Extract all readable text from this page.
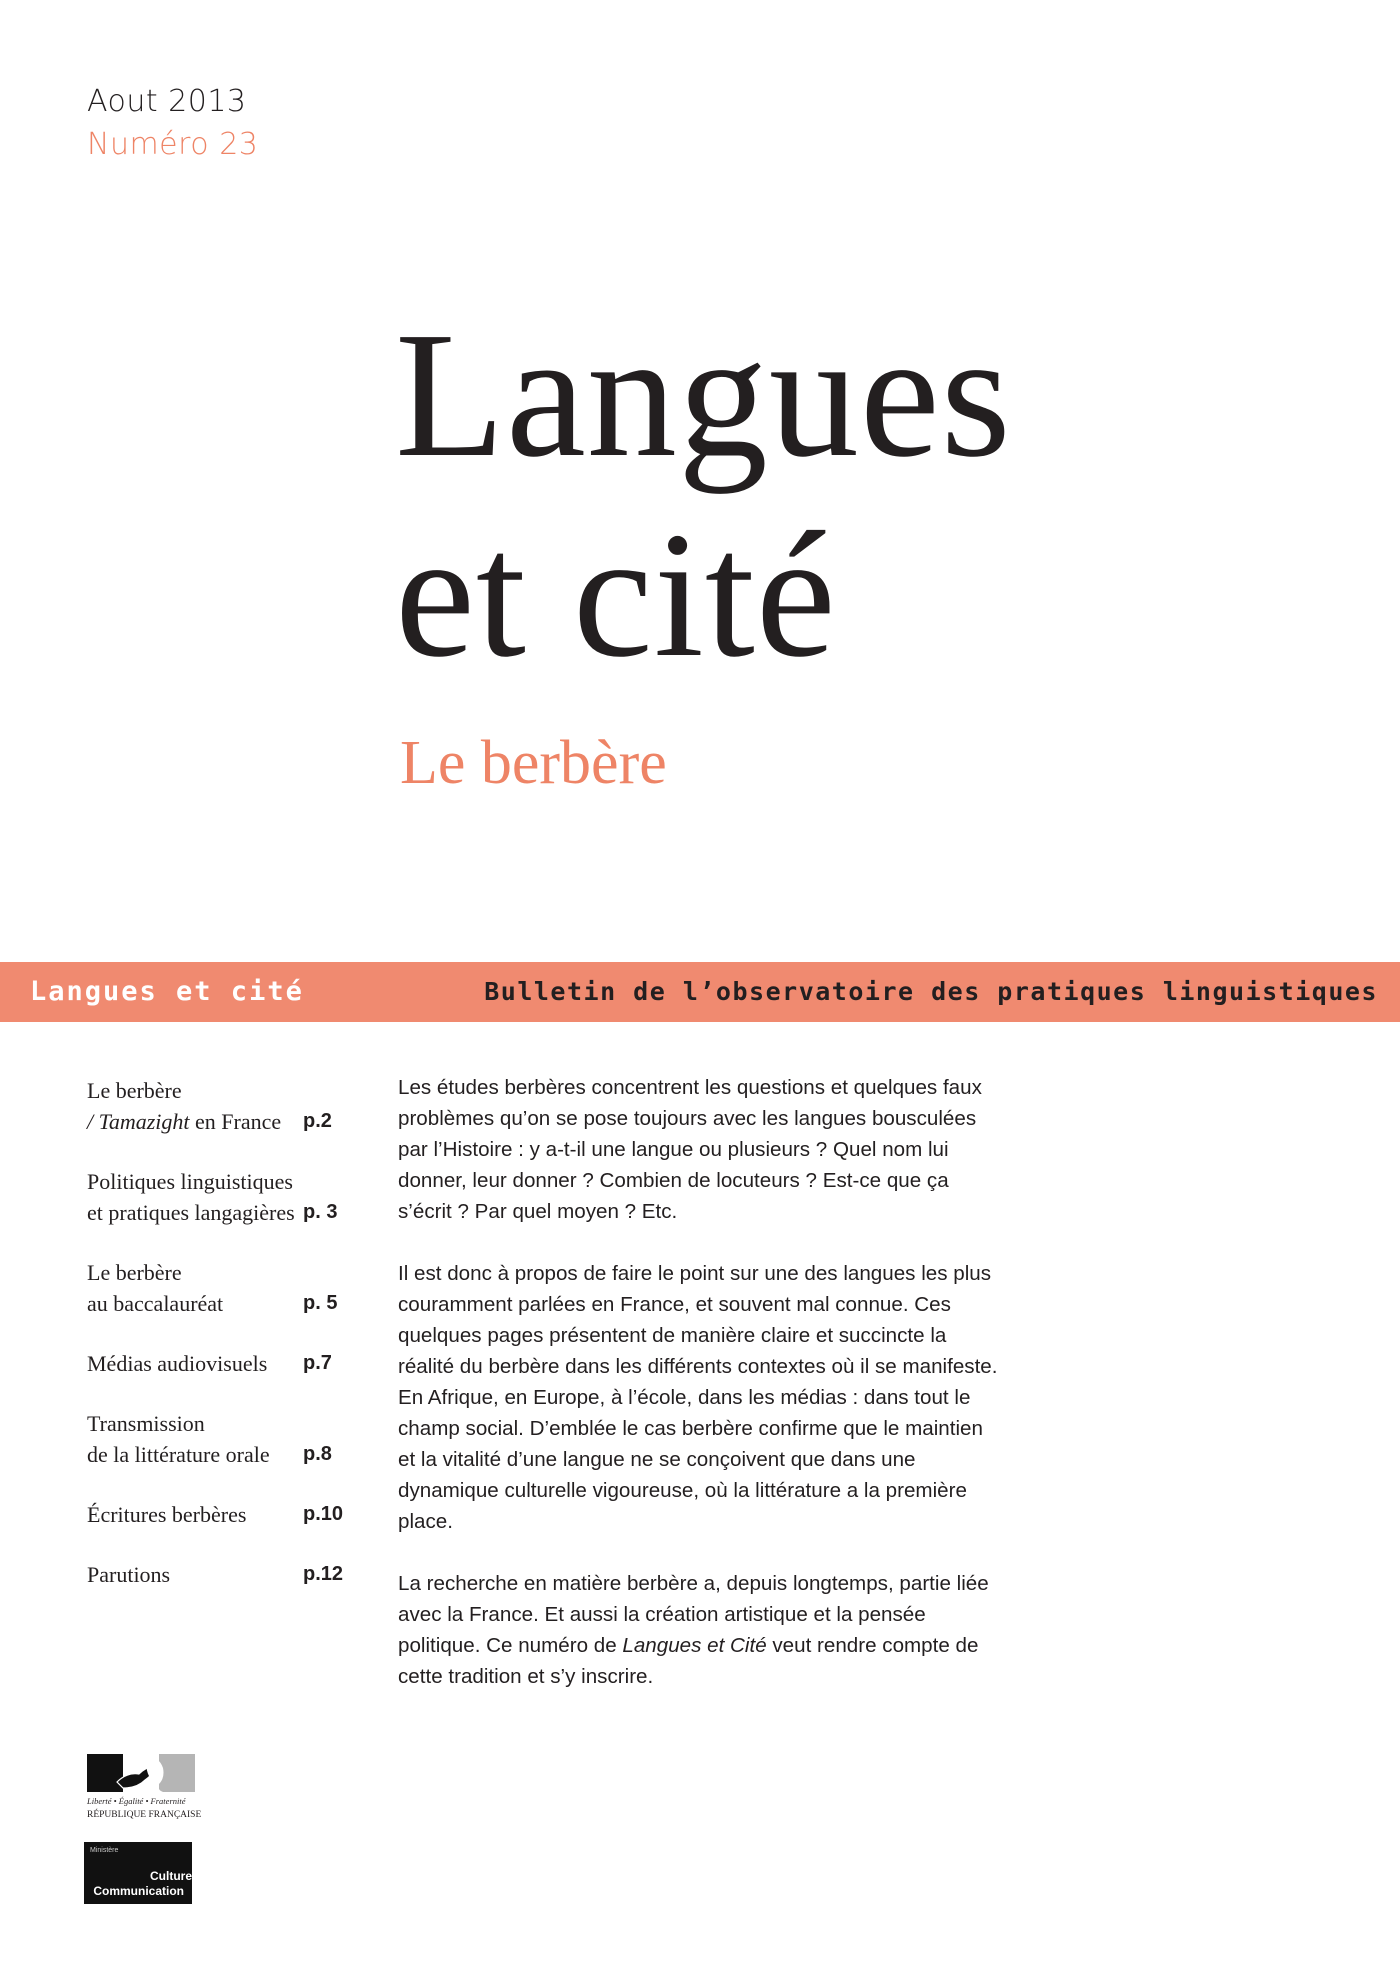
Aout 2013
Numéro 23
Langues
et cité
Le berbère
Langues et cité	Bulletin de l’observatoire des pratiques linguistiques
Le berbère
/ Tamazight en France	p.2
Politiques linguistiques
et pratiques langagières p. 3
Le berbère
au baccalauréat	p. 5
Médias audiovisuels	p.7
Transmission
de la littérature orale	p.8
Écritures berbères	p.10
Parutions	p.12

Les études berbères concentrent les questions et quelques faux problèmes qu’on se pose toujours avec les langues bousculées par l’Histoire : y a-t-il une langue ou plusieurs ? Quel nom lui donner, leur donner ? Combien de locuteurs ? Est-ce que ça s’écrit ? Par quel moyen ? Etc.

Il est donc à propos de faire le point sur une des langues les plus couramment parlées en France, et souvent mal connue. Ces quelques pages présentent de manière claire et succincte la réalité du berbère dans les différents contextes où il se manifeste. En Afrique, en Europe, à l’école, dans les médias : dans tout le champ social. D’emblée le cas berbère confirme que le maintien et la vitalité d’une langue ne se conçoivent que dans une dynamique culturelle vigoureuse, où la littérature a la première place.

La recherche en matière berbère a, depuis longtemps, partie liée avec la France. Et aussi la création artistique et la pensée politique. Ce numéro de Langues et Cité veut rendre compte de cette tradition et s’y inscrire.

Liberté • Égalité • Fraternité
RÉPUBLIQUE FRANÇAISE
Ministère
Culture
Communication
